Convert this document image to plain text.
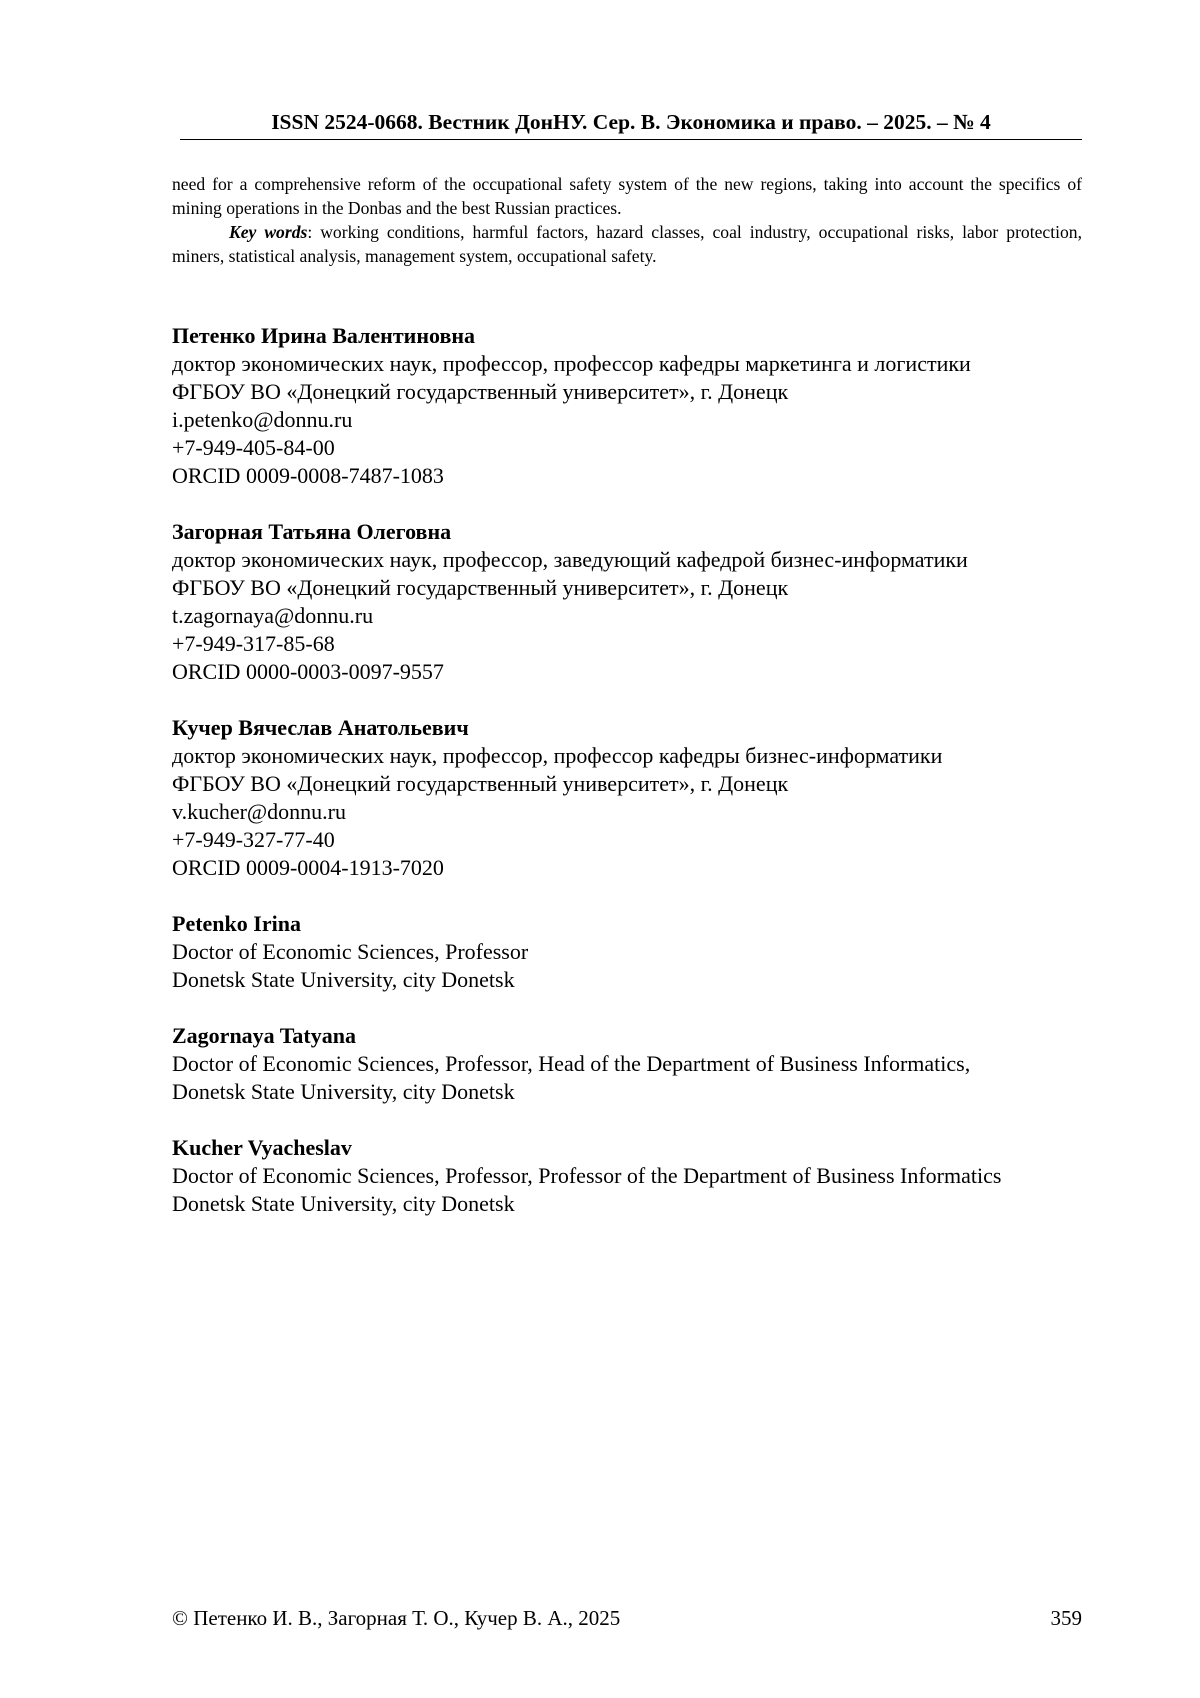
ISSN 2524-0668. Вестник ДонНУ. Сер. В. Экономика и право. – 2025. – № 4

need for a comprehensive reform of the occupational safety system of the new regions, taking into account the specifics of mining operations in the Donbas and the best Russian practices.

Key words: working conditions, harmful factors, hazard classes, coal industry, occupational risks, labor protection, miners, statistical analysis, management system, occupational safety.

Петенко Ирина Валентиновна
доктор экономических наук, профессор, профессор кафедры маркетинга и логистики
ФГБОУ ВО «Донецкий государственный университет», г. Донецк
i.petenko@donnu.ru
+7-949-405-84-00
ORCID 0009-0008-7487-1083
Загорная Татьяна Олеговна
доктор экономических наук, профессор, заведующий кафедрой бизнес-информатики
ФГБОУ ВО «Донецкий государственный университет», г. Донецк
t.zagornaya@donnu.ru
+7-949-317-85-68
ORCID 0000-0003-0097-9557
Кучер Вячеслав Анатольевич
доктор экономических наук, профессор, профессор кафедры бизнес-информатики
ФГБОУ ВО «Донецкий государственный университет», г. Донецк
v.kucher@donnu.ru
+7-949-327-77-40
ORCID 0009-0004-1913-7020
Petenko Irina
Doctor of Economic Sciences, Professor
Donetsk State University, city Donetsk
Zagornaya Tatyana
Doctor of Economic Sciences, Professor, Head of the Department of Business Informatics,
Donetsk State University, city Donetsk
Kucher Vyacheslav
Doctor of Economic Sciences, Professor, Professor of the Department of Business Informatics
Donetsk State University, city Donetsk
© Петенко И. В., Загорная Т. О., Кучер В. А., 2025	359
